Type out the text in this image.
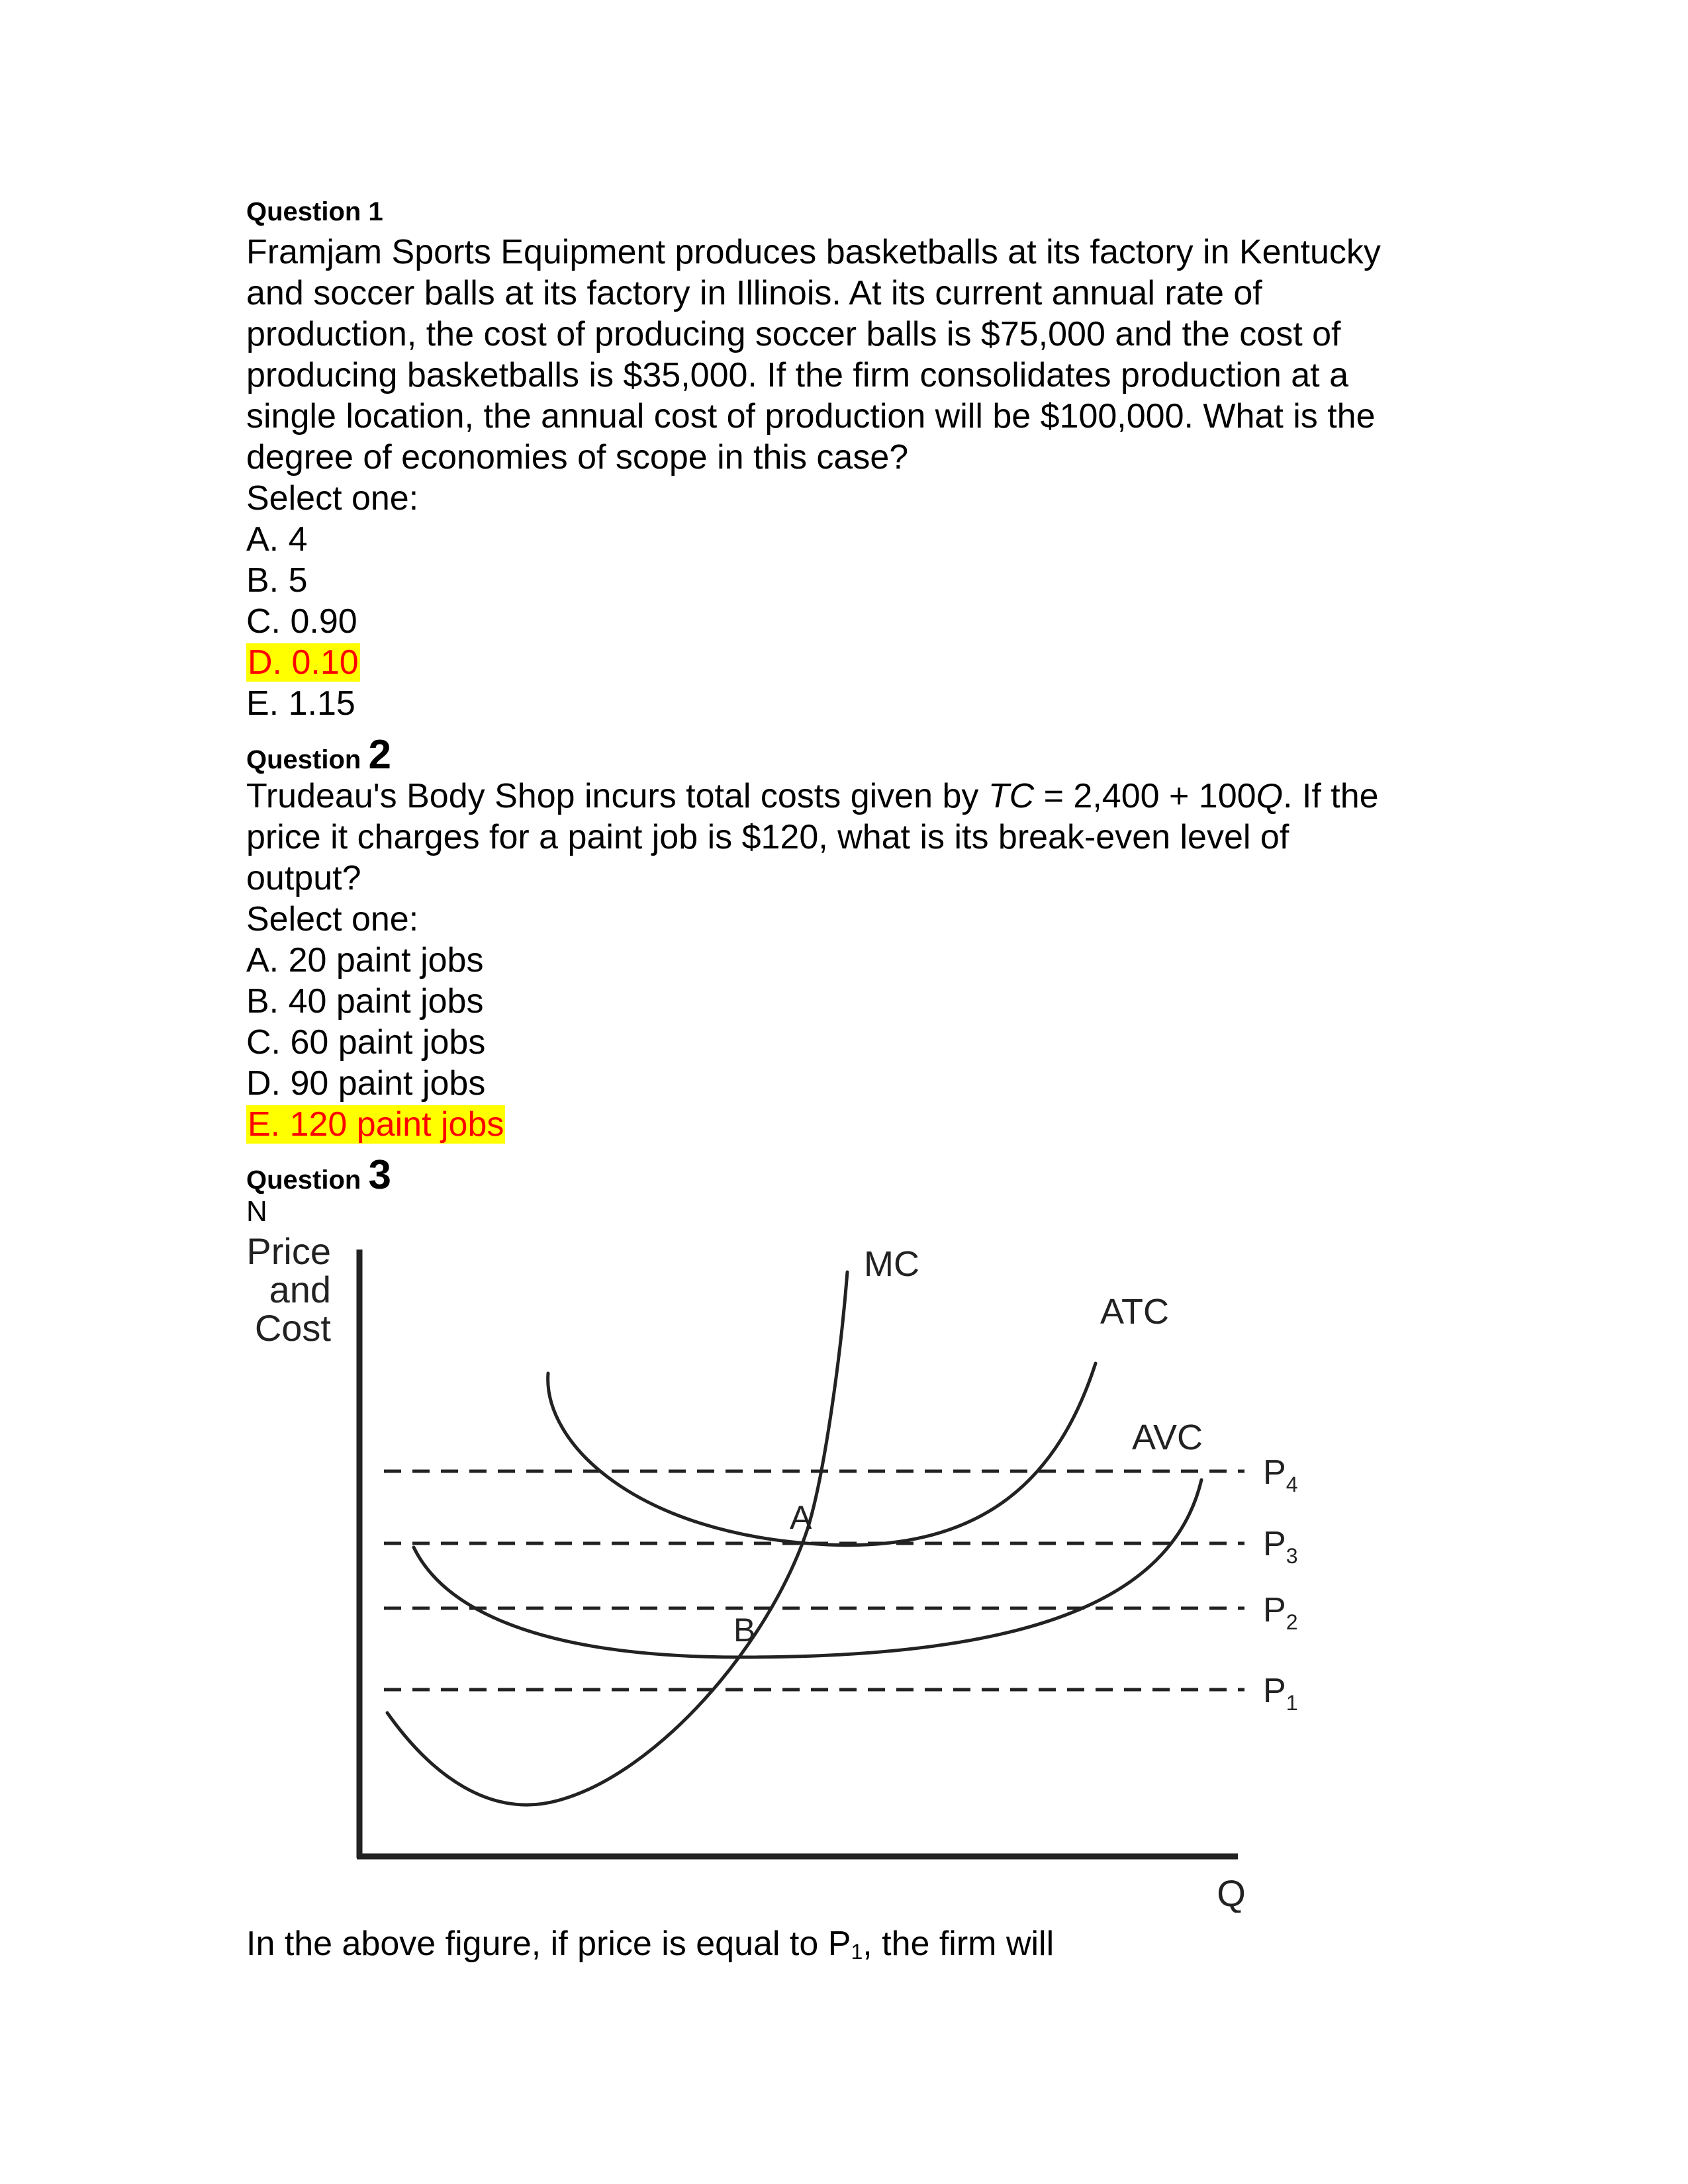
Question 1
Framjam Sports Equipment produces basketballs at its factory in Kentucky
and soccer balls at its factory in Illinois. At its current annual rate of
production, the cost of producing soccer balls is $75,000 and the cost of
producing basketballs is $35,000. If the firm consolidates production at a
single location, the annual cost of production will be $100,000. What is the
degree of economies of scope in this case?
Select one:
A. 4
B. 5
C. 0.90
D. 0.10
E. 1.15
Question 2
Trudeau's Body Shop incurs total costs given by TC = 2,400 + 100Q. If the
price it charges for a paint job is $120, what is its break-even level of
output?
Select one:
A. 20 paint jobs
B. 40 paint jobs
C. 60 paint jobs
D. 90 paint jobs
E. 120 paint jobs
Question 3
N
Price
and
Cost
Q
$P_4$
$P_3$
$P_2$
$P_1$
MC
ATC
AVC
A
B
In the above figure, if price is equal to $P_1$, the firm will
